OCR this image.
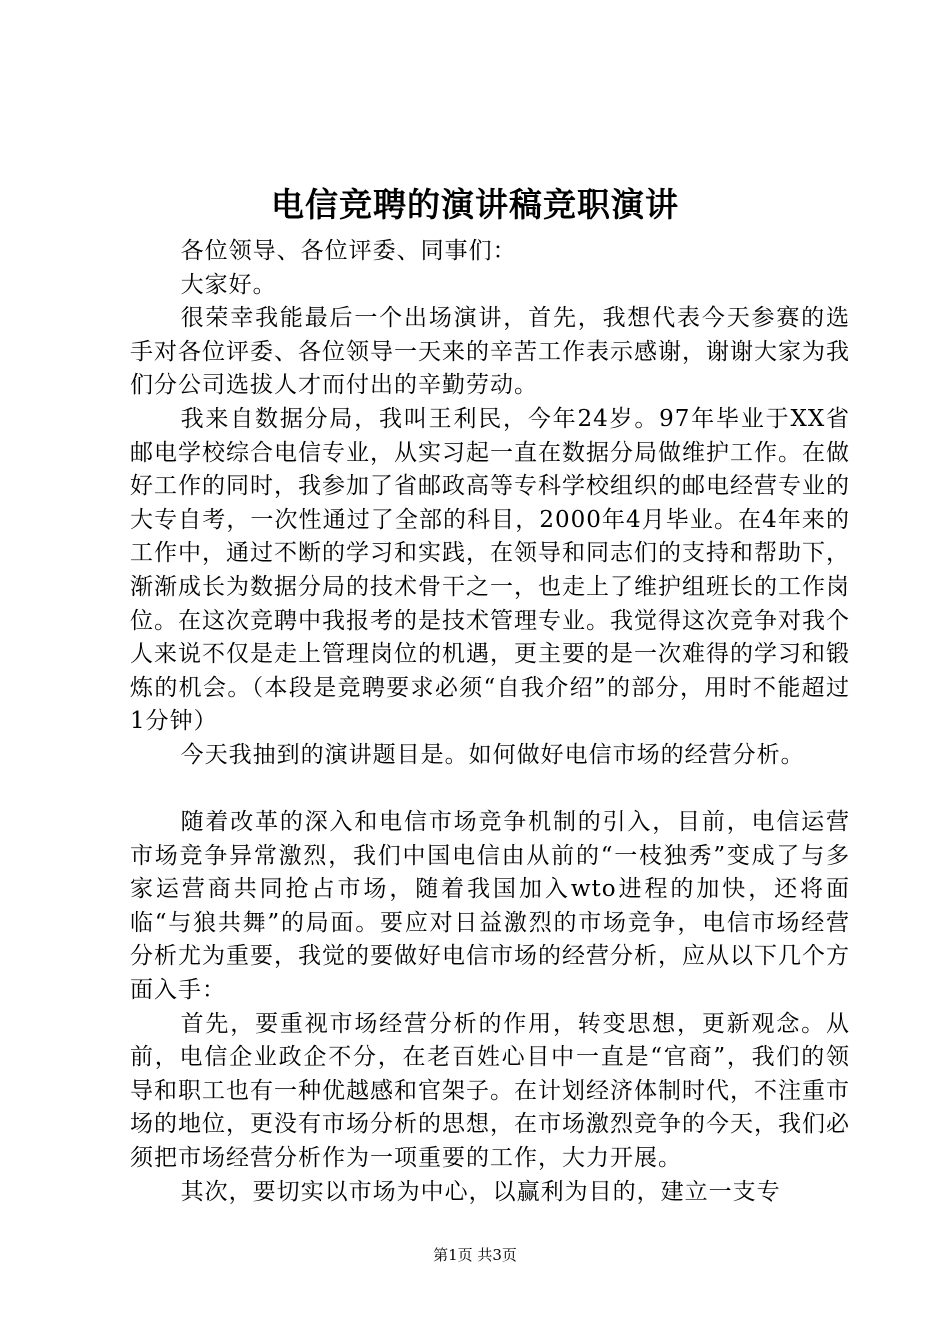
电信竞聘的演讲稿竞职演讲

各位领导、各位评委、同事们：

大家好。

很荣幸我能最后一个出场演讲，首先，我想代表今天参赛的选手对各位评委、各位领导一天来的辛苦工作表示感谢，谢谢大家为我们分公司选拔人才而付出的辛勤劳动。

我来自数据分局，我叫王利民，今年24岁。97年毕业于XX省邮电学校综合电信专业，从实习起一直在数据分局做维护工作。在做好工作的同时，我参加了省邮政高等专科学校组织的邮电经营专业的大专自考，一次性通过了全部的科目，2000年4月毕业。在4年来的工作中，通过不断的学习和实践，在领导和同志们的支持和帮助下，渐渐成长为数据分局的技术骨干之一，也走上了维护组班长的工作岗位。在这次竞聘中我报考的是技术管理专业。我觉得这次竞争对我个人来说不仅是走上管理岗位的机遇，更主要的是一次难得的学习和锻炼的机会。（本段是竞聘要求必须“自我介绍”的部分，用时不能超过1分钟）

今天我抽到的演讲题目是。如何做好电信市场的经营分析。

随着改革的深入和电信市场竞争机制的引入，目前，电信运营市场竞争异常激烈，我们中国电信由从前的“一枝独秀”变成了与多家运营商共同抢占市场，随着我国加入wto进程的加快，还将面临“与狼共舞”的局面。要应对日益激烈的市场竞争，电信市场经营分析尤为重要，我觉的要做好电信市场的经营分析，应从以下几个方面入手：

首先，要重视市场经营分析的作用，转变思想，更新观念。从前，电信企业政企不分，在老百姓心目中一直是“官商”，我们的领导和职工也有一种优越感和官架子。在计划经济体制时代，不注重市场的地位，更没有市场分析的思想，在市场激烈竞争的今天，我们必须把市场经营分析作为一项重要的工作，大力开展。

其次，要切实以市场为中心，以赢利为目的，建立一支专

第1页 共3页
